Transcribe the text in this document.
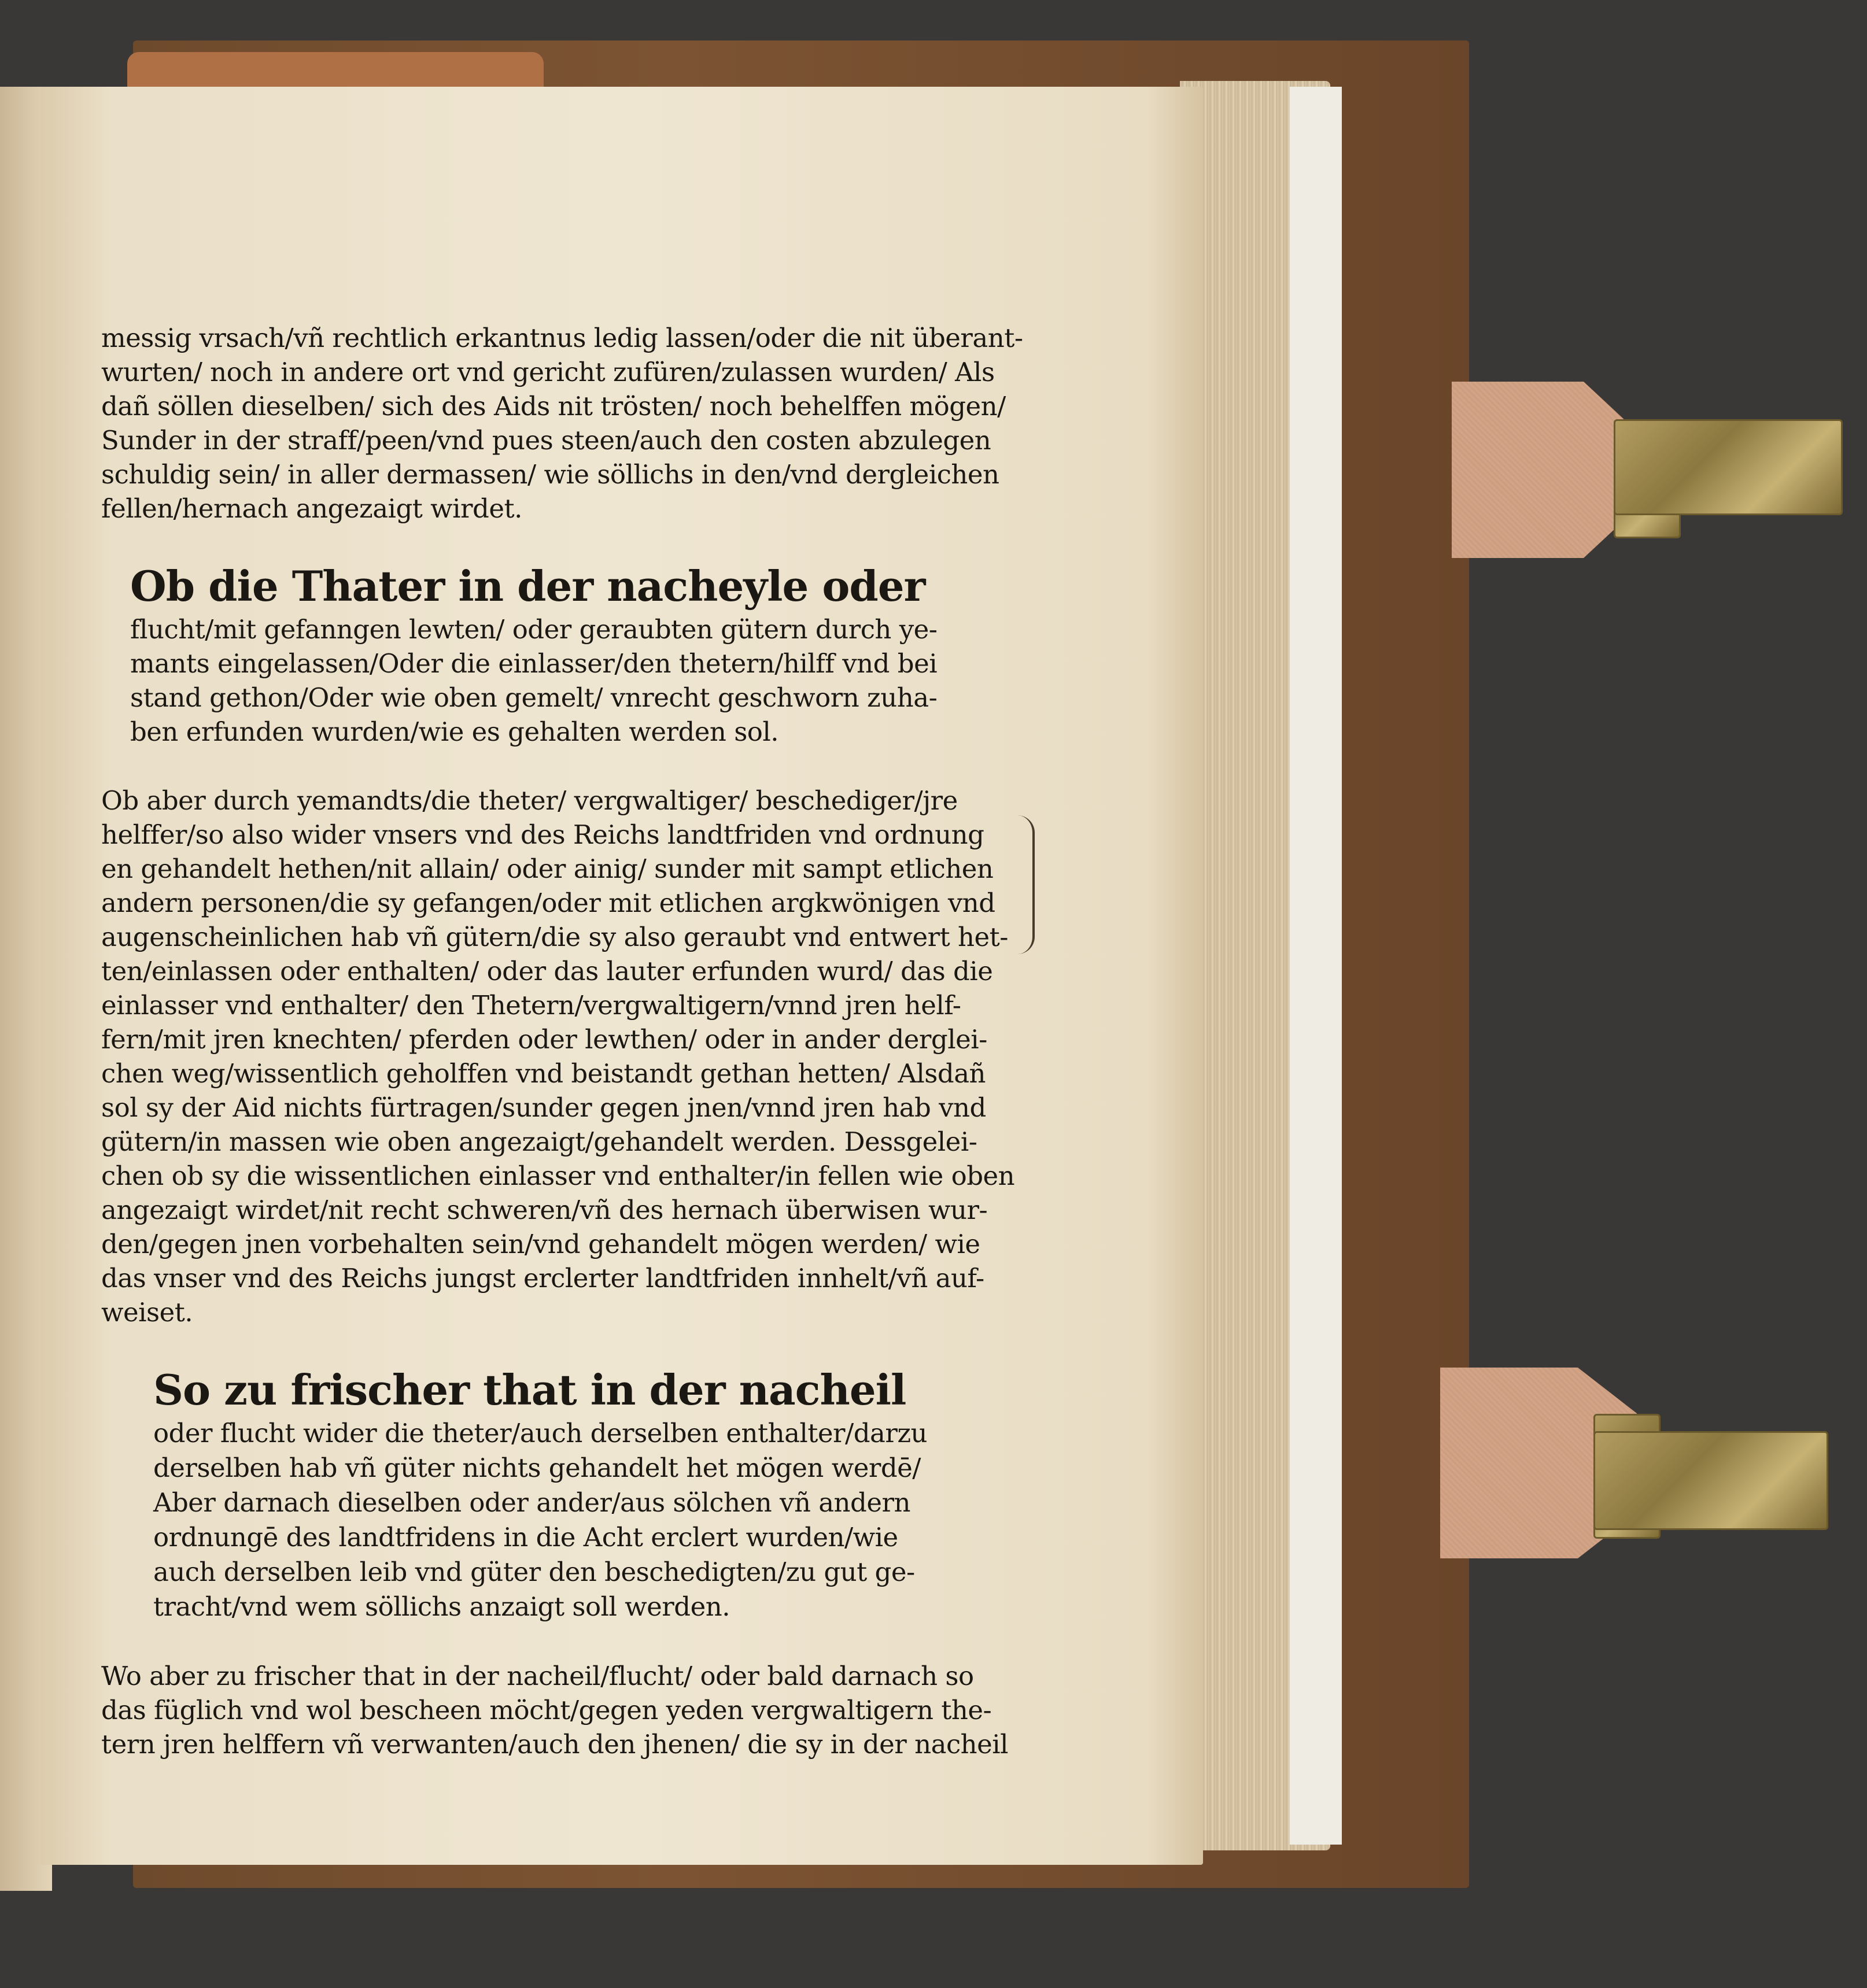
messig vrsach/vñ rechtlich erkantnus ledig lassen/oder die nit überant-
wurten/ noch in andere ort vnd gericht zufüren/zulassen wurden/ Als
dañ söllen dieselben/ sich des Aids nit trösten/ noch behelffen mögen/
Sunder in der straff/peen/vnd pues steen/auch den costen abzulegen
schuldig sein/ in aller dermassen/ wie söllichs in den/vnd dergleichen
fellen/hernach angezaigt wirdet.
Ob die Thater in der nacheyle oder
flucht/mit gefanngen lewten/ oder geraubten gütern durch ye-
mants eingelassen/Oder die einlasser/den thetern/hilff vnd bei
stand gethon/Oder wie oben gemelt/ vnrecht geschworn zuha-
ben erfunden wurden/wie es gehalten werden sol.
Ob aber durch yemandts/die theter/ vergwaltiger/ beschediger/jre
helffer/so also wider vnsers vnd des Reichs landtfriden vnd ordnung
en gehandelt hethen/nit allain/ oder ainig/ sunder mit sampt etlichen
andern personen/die sy gefangen/oder mit etlichen argkwönigen vnd
augenscheinlichen hab vñ gütern/die sy also geraubt vnd entwert het-
ten/einlassen oder enthalten/ oder das lauter erfunden wurd/ das die
einlasser vnd enthalter/ den Thetern/vergwaltigern/vnnd jren helf-
fern/mit jren knechten/ pferden oder lewthen/ oder in ander derglei-
chen weg/wissentlich geholffen vnd beistandt gethan hetten/ Alsdañ
sol sy der Aid nichts fürtragen/sunder gegen jnen/vnnd jren hab vnd
gütern/in massen wie oben angezaigt/gehandelt werden. Dessgelei-
chen ob sy die wissentlichen einlasser vnd enthalter/in fellen wie oben
angezaigt wirdet/nit recht schweren/vñ des hernach überwisen wur-
den/gegen jnen vorbehalten sein/vnd gehandelt mögen werden/ wie
das vnser vnd des Reichs jungst erclerter landtfriden innhelt/vñ auf-
weiset.
So zu frischer that in der nacheil
oder flucht wider die theter/auch derselben enthalter/darzu
derselben hab vñ güter nichts gehandelt het mögen werdē/
Aber darnach dieselben oder ander/aus sölchen vñ andern
ordnungē des landtfridens in die Acht erclert wurden/wie
auch derselben leib vnd güter den beschedigten/zu gut ge-
tracht/vnd wem söllichs anzaigt soll werden.
Wo aber zu frischer that in der nacheil/flucht/ oder bald darnach so
das füglich vnd wol bescheen möcht/gegen yeden vergwaltigern the-
tern jren helffern vñ verwanten/auch den jhenen/ die sy in der nacheil
